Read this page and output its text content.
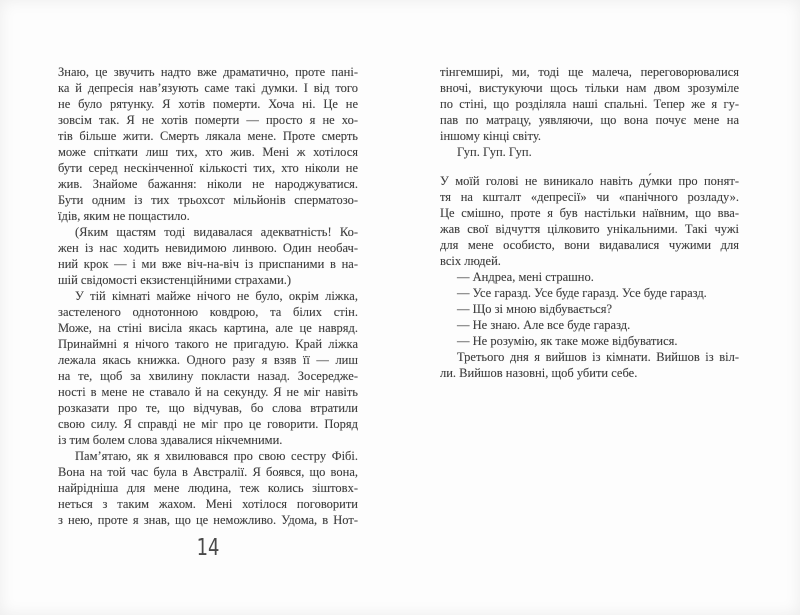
Знаю, це звучить надто вже драматично, проте пані-
ка й депресія нав’язують саме такі думки. І від того
не було рятунку. Я хотів померти. Хоча ні. Це не
зовсім так. Я не хотів померти — просто я не хо-
тів більше жити. Смерть лякала мене. Проте смерть
може спіткати лиш тих, хто жив. Мені ж хотілося
бути серед нескінченної кількості тих, хто ніколи не
жив. Знайоме бажання: ніколи не народжуватися.
Бути одним із тих трьохсот мільйонів сперматозо-
їдів, яким не пощастило.
(Яким щастям тоді видавалася адекватність! Ко-
жен із нас ходить невидимою линвою. Один необач-
ний крок — і ми вже віч-на-віч із приспаними в на-
шій свідомості екзистенційними страхами.)
У тій кімнаті майже нічого не було, окрім ліжка,
застеленого однотонною ковдрою, та білих стін.
Може, на стіні висіла якась картина, але це навряд.
Принаймні я нічого такого не пригадую. Край ліжка
лежала якась книжка. Одного разу я взяв її — лиш
на те, щоб за хвилину покласти назад. Зосередже-
ності в мене не ставало й на секунду. Я не міг навіть
розказати про те, що відчував, бо слова втратили
свою силу. Я справді не міг про це говорити. Поряд
із тим болем слова здавалися нікчемними.
Пам’ятаю, як я хвилювався про свою сестру Фібі.
Вона на той час була в Австралії. Я боявся, що вона,
найрідніша для мене людина, теж колись зіштовх-
неться з таким жахом. Мені хотілося поговорити
з нею, проте я знав, що це неможливо. Удома, в Нот-
тінгемширі, ми, тоді ще малеча, переговорювалися
вночі, вистукуючи щось тільки нам двом зрозуміле
по стіні, що розділяла наші спальні. Тепер же я гу-
пав по матрацу, уявляючи, що вона почує мене на
іншому кінці світу.
Гуп. Гуп. Гуп.
У моїй голові не виникало навіть ду́мки про понят-
тя на кшталт «депресії» чи «панічного розладу».
Це смішно, проте я був настільки наївним, що вва-
жав свої відчуття цілковито унікальними. Такі чужі
для мене особисто, вони видавалися чужими для
всіх людей.
— Андреа, мені страшно.
— Усе гаразд. Усе буде гаразд. Усе буде гаразд.
— Що зі мною відбувається?
— Не знаю. Але все буде гаразд.
— Не розумію, як таке може відбуватися.
Третього дня я вийшов із кімнати. Вийшов із віл-
ли. Вийшов назовні, щоб убити себе.
14
